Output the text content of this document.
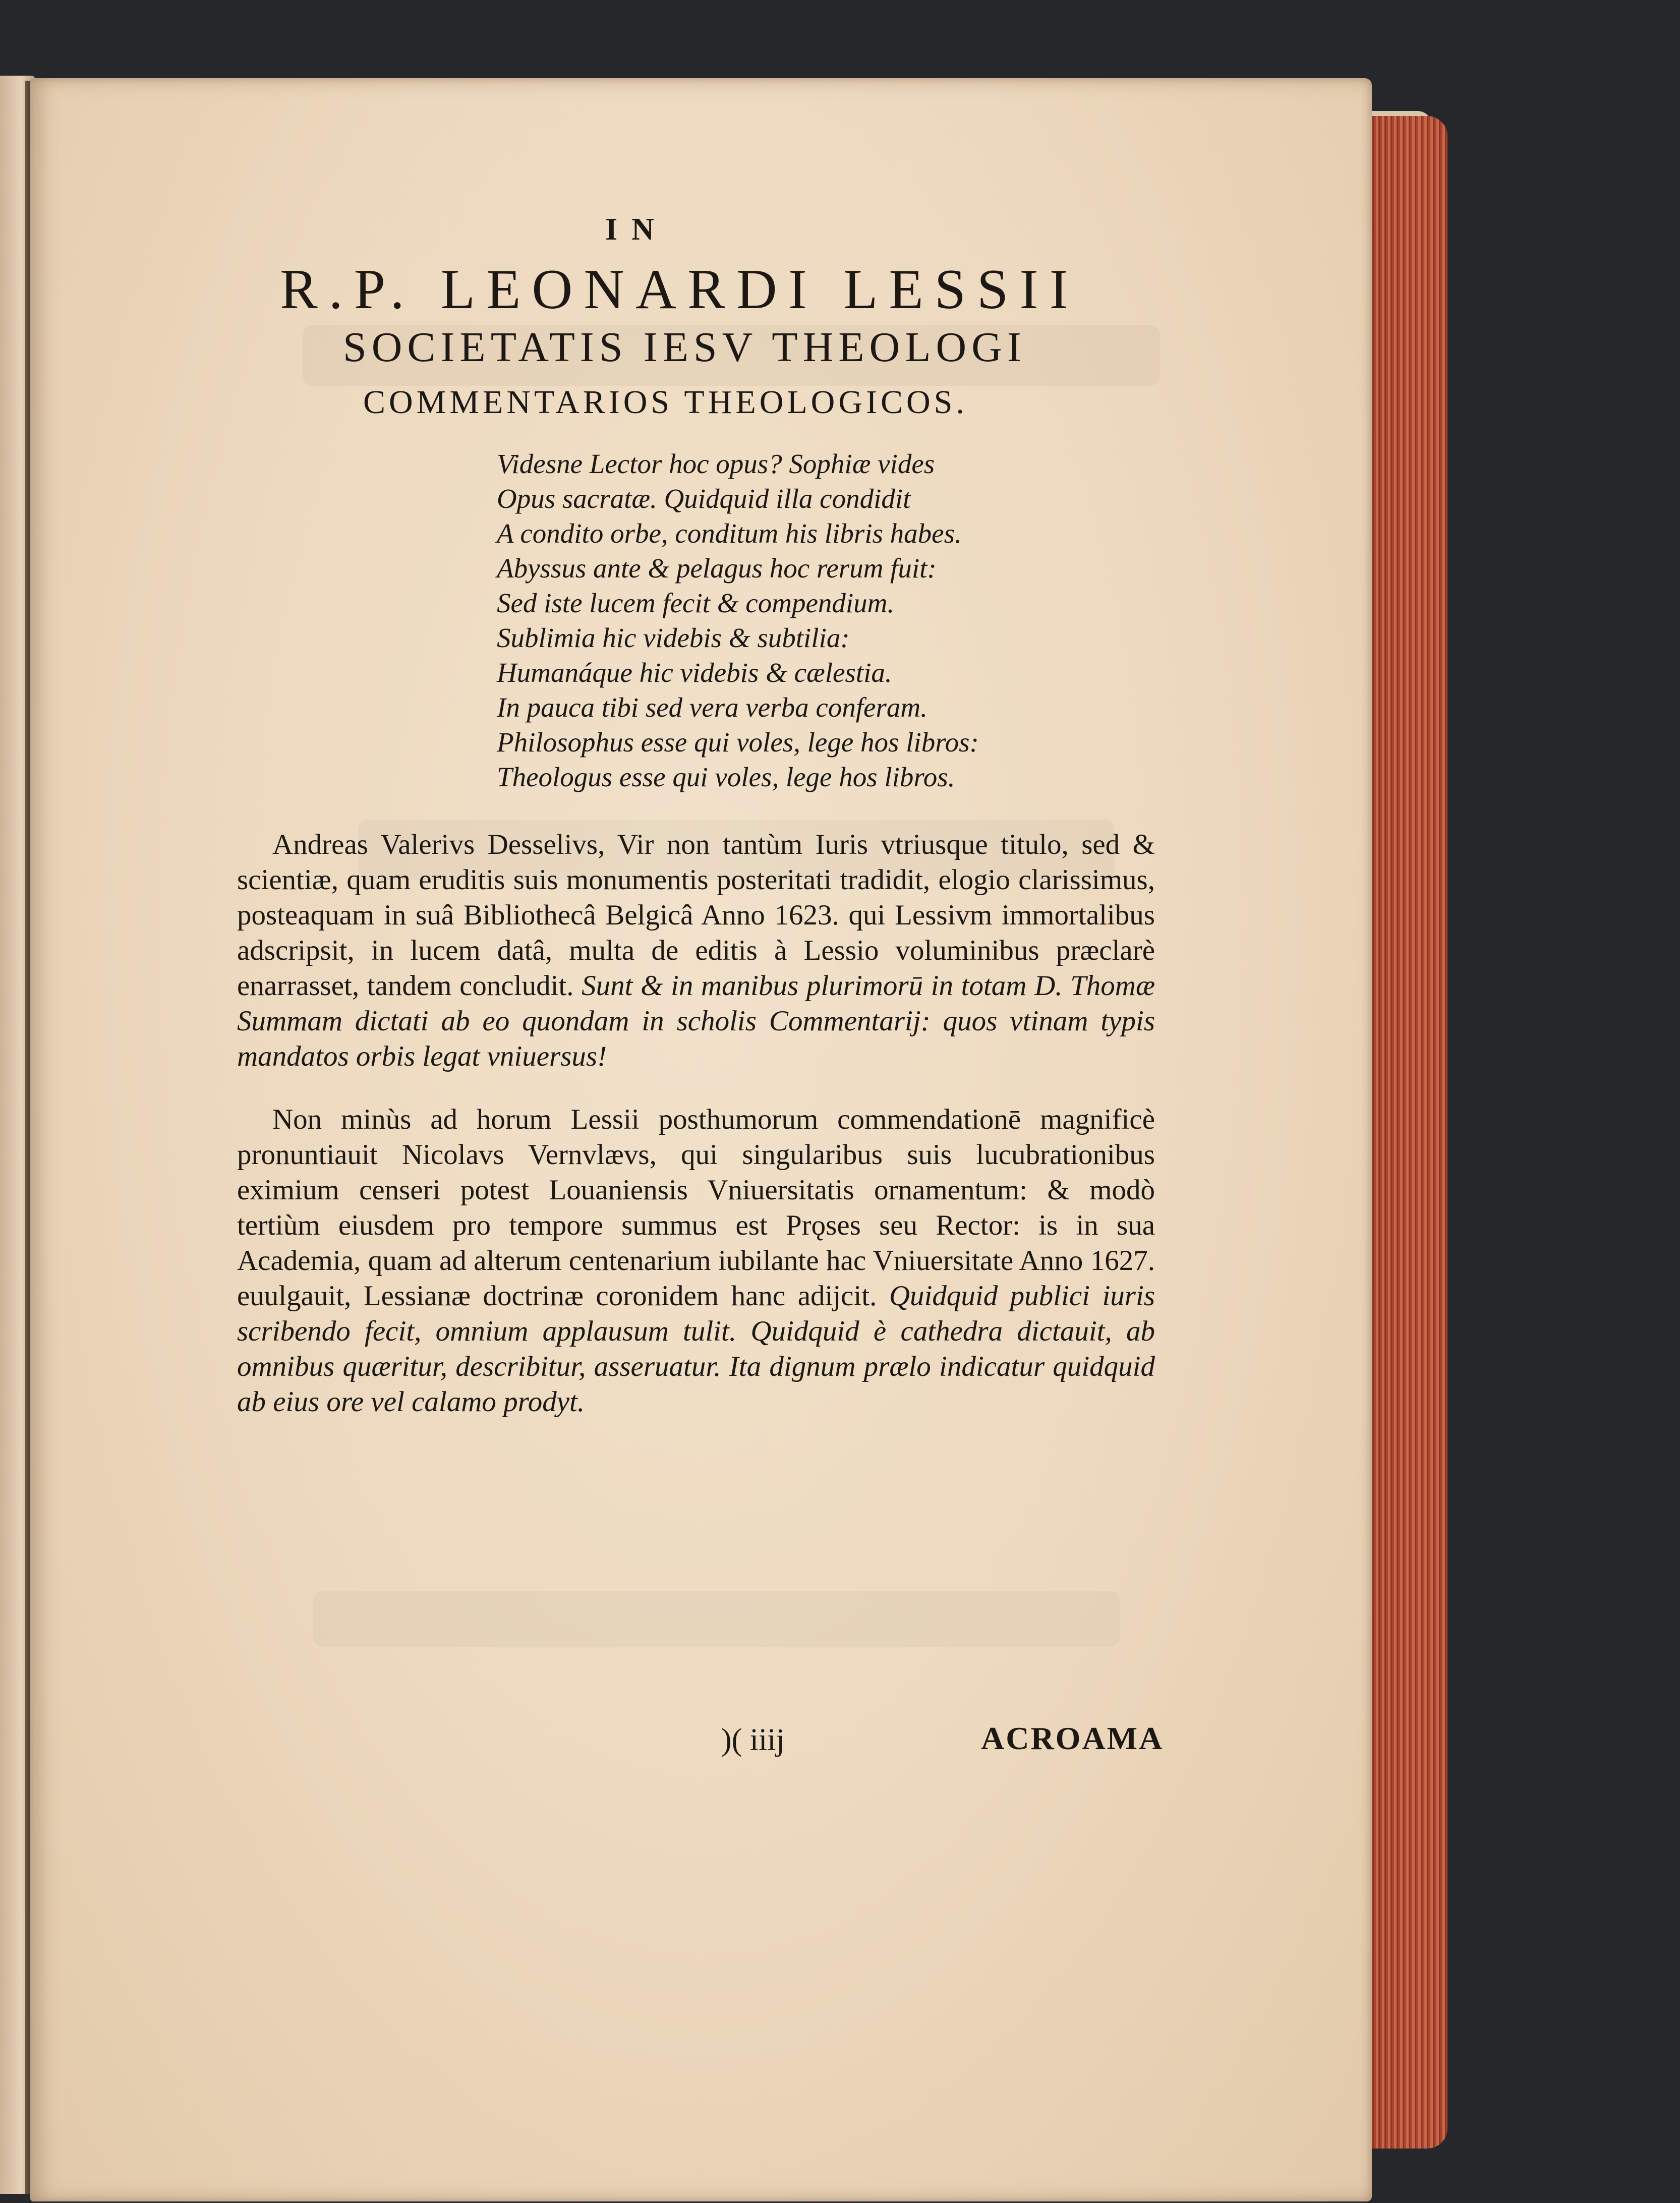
IN
R.P. LEONARDI LESSII
SOCIETATIS IESV THEOLOGI
COMMENTARIOS THEOLOGICOS.
Videsne Lector hoc opus? Sophiæ vides
Opus sacratæ. Quidquid illa condidit
A condito orbe, conditum his libris habes.
Abyssus ante & pelagus hoc rerum fuit:
Sed iste lucem fecit & compendium.
Sublimia hic videbis & subtilia:
Humanáque hic videbis & cælestia.
In pauca tibi sed vera verba conferam.
Philosophus esse qui voles, lege hos libros:
Theologus esse qui voles, lege hos libros.
Andreas Valerivs Desselivs, Vir non tantùm Iuris vtriusque titulo, sed & scientiæ, quam eruditis suis monumentis posteritati tradidit, elogio clarissimus, posteaquam in suâ Bibliothecâ Belgicâ Anno 1623. qui Lessivm immortalibus adscripsit, in lucem datâ, multa de editis à Lessio voluminibus præclarè enarrasset, tandem concludit. Sunt & in manibus plurimorū in totam D. Thomæ Summam dictati ab eo quondam in scholis Commentarij: quos vtinam typis mandatos orbis legat vniuersus!
Non minùs ad horum Lessii posthumorum commendationē magnificè pronuntiauit Nicolavs Vernvlævs, qui singularibus suis lucubrationibus eximium censeri potest Louaniensis Vniuersitatis ornamentum: & modò tertiùm eiusdem pro tempore summus est Prǫses seu Rector: is in sua Academia, quam ad alterum centenarium iubilante hac Vniuersitate Anno 1627. euulgauit, Lessianæ doctrinæ coronidem hanc adijcit. Quidquid publici iuris scribendo fecit, omnium applausum tulit. Quidquid è cathedra dictauit, ab omnibus quæritur, describitur, asseruatur. Ita dignum prælo indicatur quidquid ab eius ore vel calamo prodyt.
)( iiij	ACROAMA
